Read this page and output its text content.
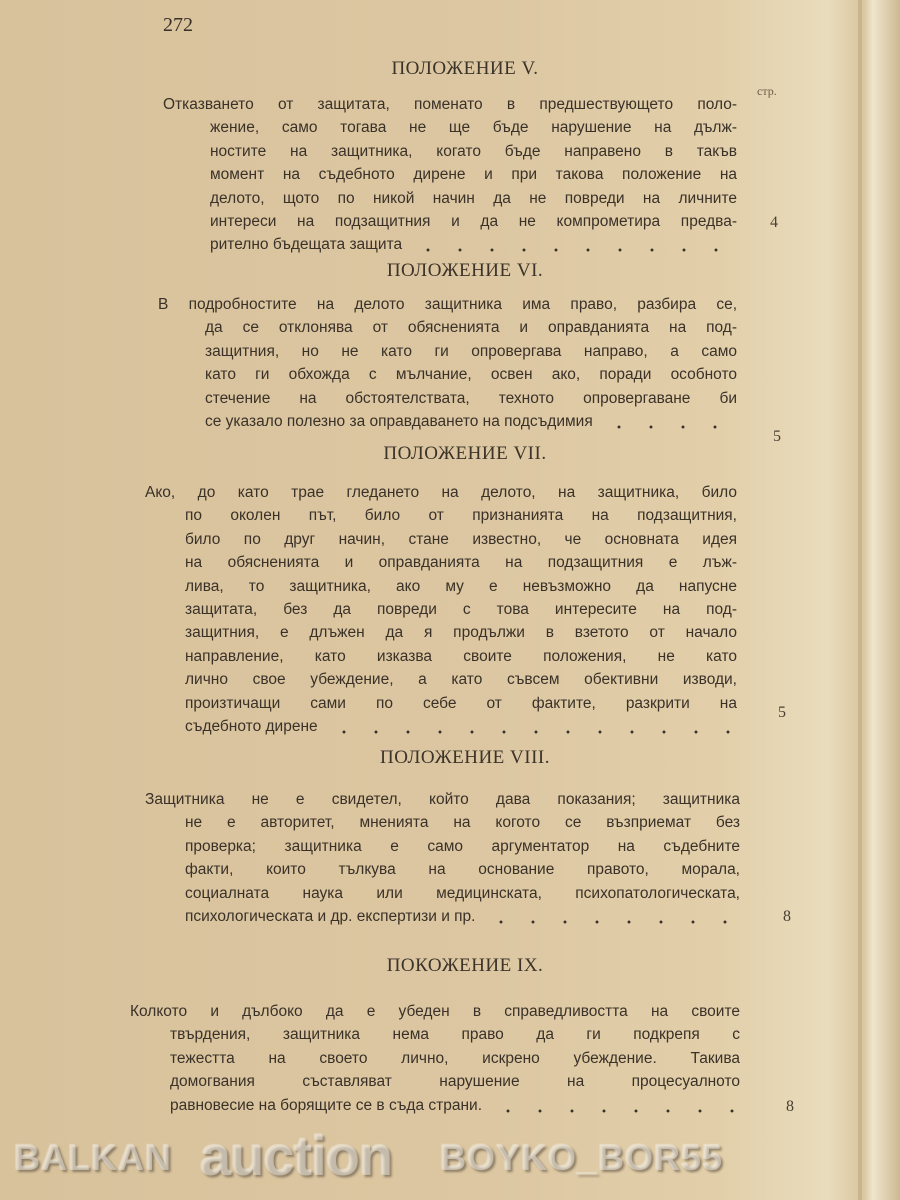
272
стр.
ПОЛОЖЕНИЕ V.
Отказването от защитата, поменато в предшествующето поло-
жение, само тогава не ще бъде нарушение на дълж-
ностите на защитника, когато бъде направено в такъв
момент на съдебното дирене и при такова положение на
делото, щото по никой начин да не повреди на личните
интереси на подзащитния и да не компрометира предва-
рително бъдещата защита
4
ПОЛОЖЕНИЕ VI.
В подробностите на делото защитника има право, разбира се,
да се отклонява от обясненията и оправданията на под-
защитния, но не като ги опровергава направо, а само
като ги обхожда с мълчание, освен ако, поради особното
стечение на обстоятелствата, техното опровергаване би
се указало полезно за оправдаването на подсъдимия
5
ПОЛОЖЕНИЕ VII.
Ако, до като трае гледането на делото, на защитника, било
по околен път, било от признанията на подзащитния,
било по друг начин, стане известно, че основната идея
на обясненията и оправданията на подзащитния е лъж-
лива, то защитника, ако му е невъзможно да напусне
защитата, без да повреди с това интересите на под-
защитния, е длъжен да я продължи в взетото от начало
направление, като изказва своите положения, не като
лично свое убеждение, а като съвсем обективни изводи,
произтичащи сами по себе от фактите, разкрити на
съдебното дирене
5
ПОЛОЖЕНИЕ VIII.
Защитника не е свидетел, който дава показания; защитника
не е авторитет, мненията на когото се възприемат без
проверка; защитника е само аргументатор на съдебните
факти, които тълкува на основание правото, морала,
социалната наука или медицинската, психопатологическата,
психологическата и др. експертизи и пр.	8
ПОКОЖЕНИЕ IX.
Колкото и дълбоко да е убеден в справедливостта на своите
твърдения, защитника нема право да ги подкрепя с
тежестта на своето лично, искрено убеждение. Такива
домогвания съставляват нарушение на процесуалното
равновесие на борящите се в съда страни.	8
BALKAN auction BOYKO_BOR55
